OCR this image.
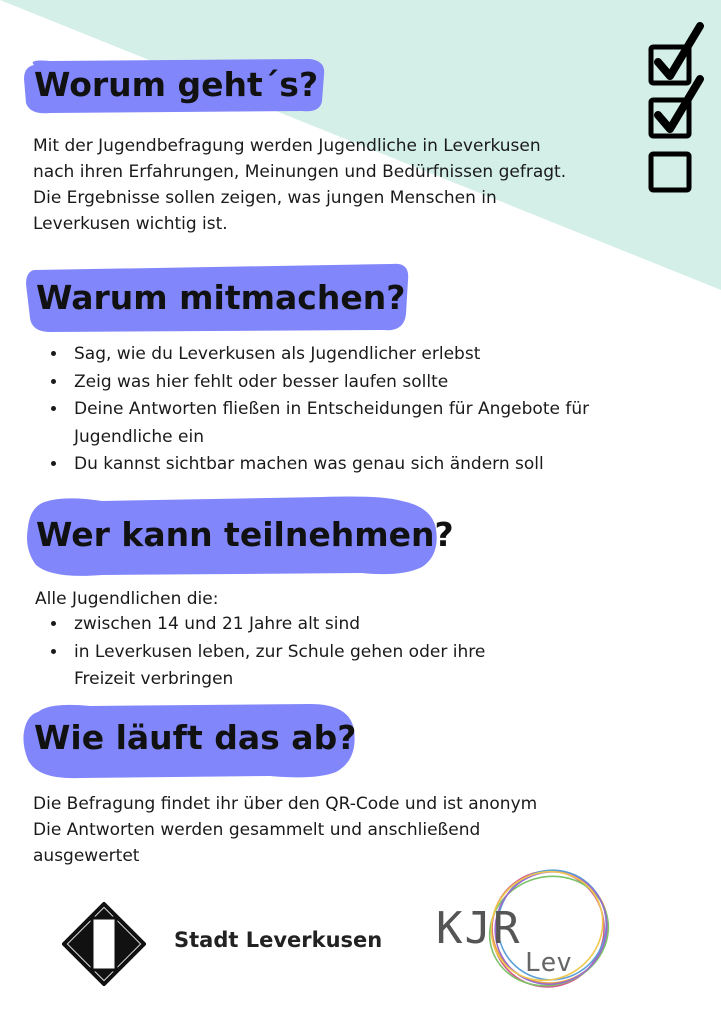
Worum geht´s?

Mit der Jugendbefragung werden Jugendliche in Leverkusen

nach ihren Erfahrungen, Meinungen und Bedürfnissen gefragt.

Die Ergebnisse sollen zeigen, was jungen Menschen in

Leverkusen wichtig ist.

Warum mitmachen?
• Sag, wie du Leverkusen als Jugendlicher erlebst
• Zeig was hier fehlt oder besser laufen sollte
• Deine Antworten fließen in Entscheidungen für Angebote für Jugendliche ein
• Du kannst sichtbar machen was genau sich ändern soll
Wer kann teilnehmen?
Alle Jugendlichen die:
• zwischen 14 und 21 Jahre alt sind
• in Leverkusen leben, zur Schule gehen oder ihre Freizeit verbringen
Wie läuft das ab?

Die Befragung findet ihr über den QR-Code und ist anonym

Die Antworten werden gesammelt und anschließend

ausgewertet

Stadt Leverkusen KJR
Lev
